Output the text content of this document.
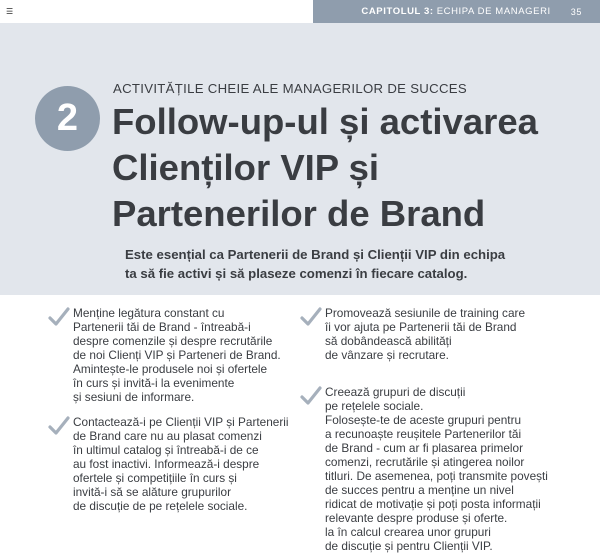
☰	CAPITOLUL 3: ECHIPA DE MANAGERI 35
2
ACTIVITĂȚILE CHEIE ALE MANAGERILOR DE SUCCES
Follow-up-ul și activarea
Clienților VIP și
Partenerilor de Brand
Este esențial ca Partenerii de Brand și Clienții VIP din echipa
ta să fie activi și să plaseze comenzi în fiecare catalog.
Menține legătura constant cu
Partenerii tăi de Brand - întreabă-i
despre comenzile și despre recrutările
de noi Clienți VIP și Parteneri de Brand.
Amintește-le produsele noi și ofertele
în curs și invită-i la evenimente
și sesiuni de informare.
Contactează-i pe Clienții VIP și Partenerii
de Brand care nu au plasat comenzi
în ultimul catalog și întreabă-i de ce
au fost inactivi. Informează-i despre
ofertele și competițiile în curs și
invită-i să se alăture grupurilor
de discuție de pe rețelele sociale.
Promovează sesiunile de training care
îi vor ajuta pe Partenerii tăi de Brand
să dobândească abilități
de vânzare și recrutare.
Creează grupuri de discuții
pe rețelele sociale.
Folosește-te de aceste grupuri pentru
a recunoaște reușitele Partenerilor tăi
de Brand - cum ar fi plasarea primelor
comenzi, recrutările și atingerea noilor
titluri. De asemenea, poți transmite povești
de succes pentru a menține un nivel
ridicat de motivație și poți posta informații
relevante despre produse și oferte.
la în calcul crearea unor grupuri
de discuție și pentru Clienții VIP.
